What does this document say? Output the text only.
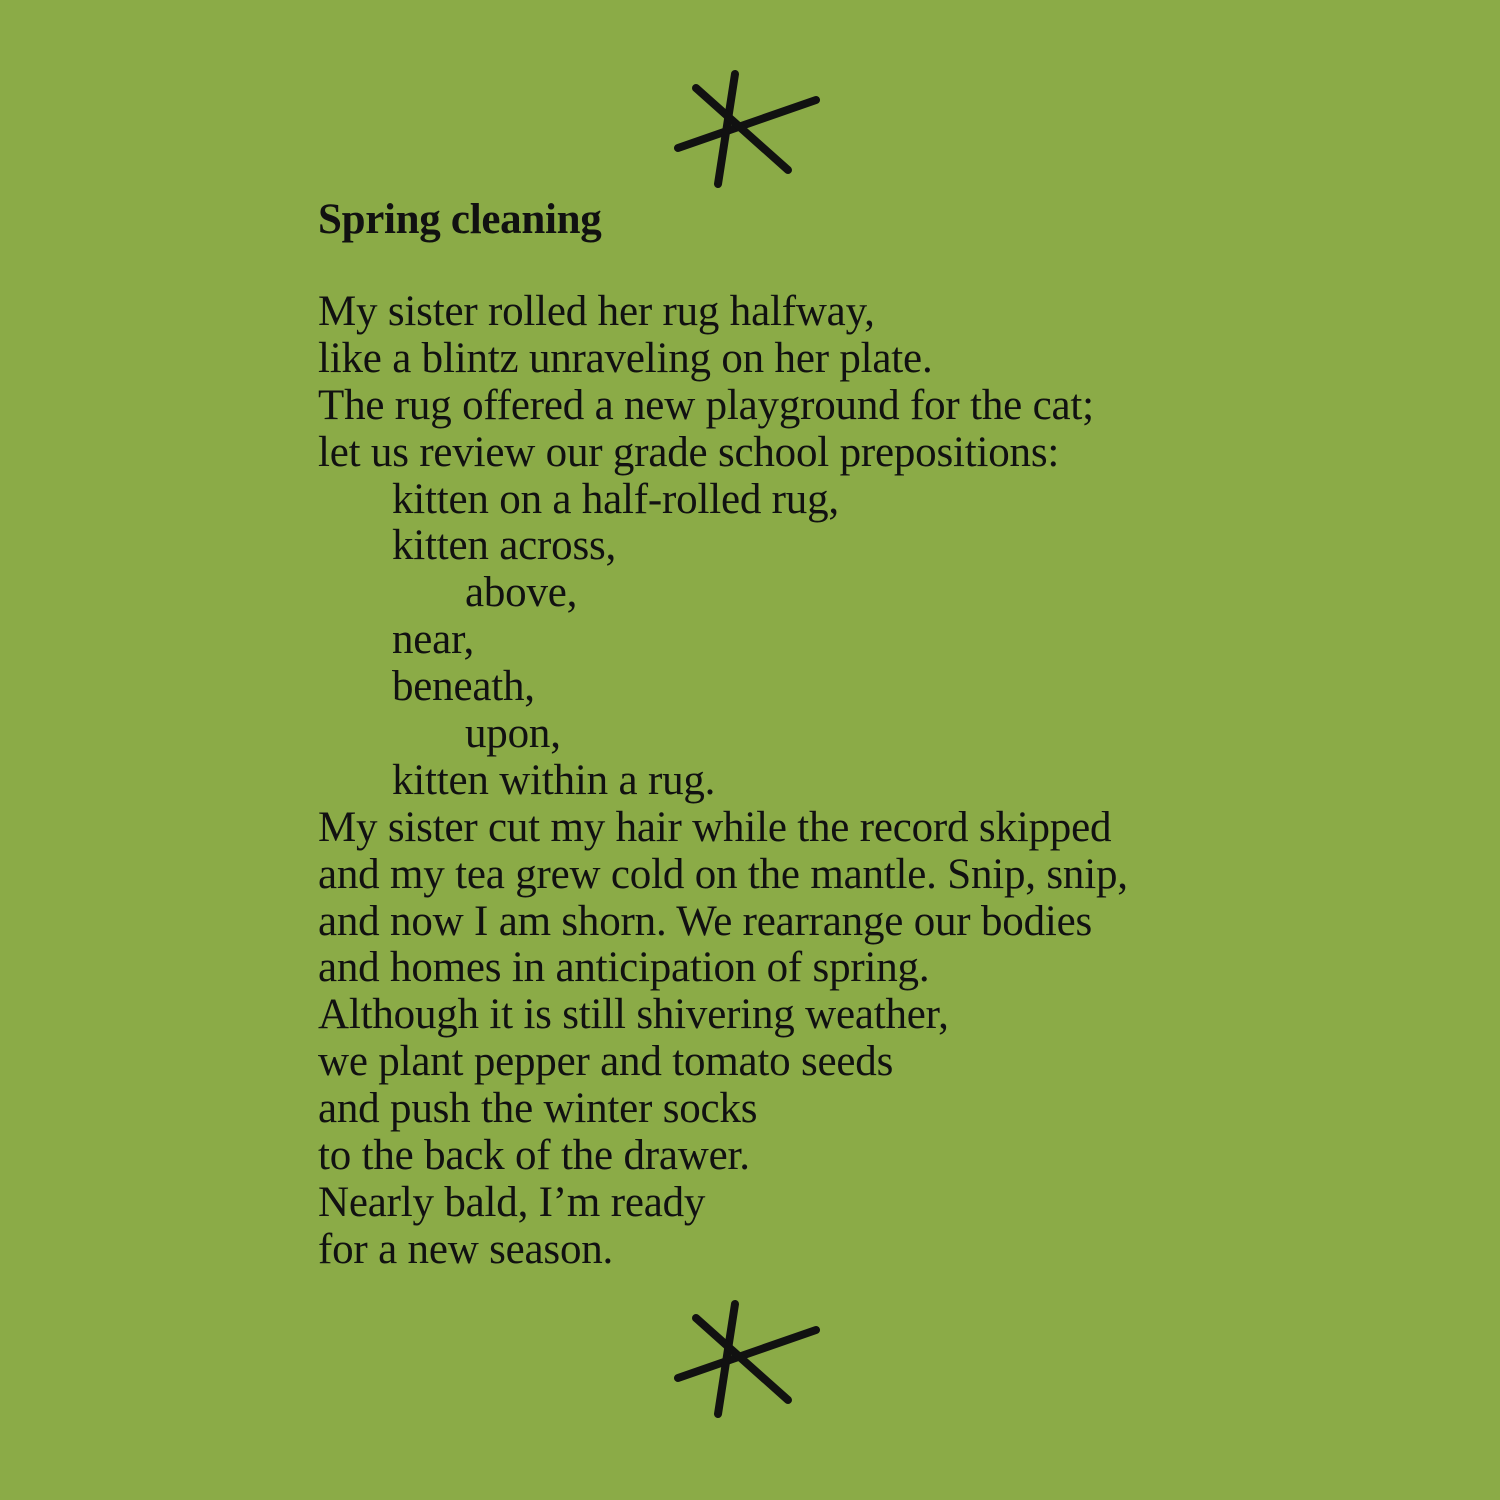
Spring cleaning
My sister rolled her rug halfway,
like a blintz unraveling on her plate.
The rug offered a new playground for the cat;
let us review our grade school prepositions:
kitten on a half-rolled rug,
kitten across,
above,
near,
beneath,
upon,
kitten within a rug.
My sister cut my hair while the record skipped
and my tea grew cold on the mantle. Snip, snip,
and now I am shorn. We rearrange our bodies
and homes in anticipation of spring.
Although it is still shivering weather,
we plant pepper and tomato seeds
and push the winter socks
to the back of the drawer.
Nearly bald, I’m ready
for a new season.
